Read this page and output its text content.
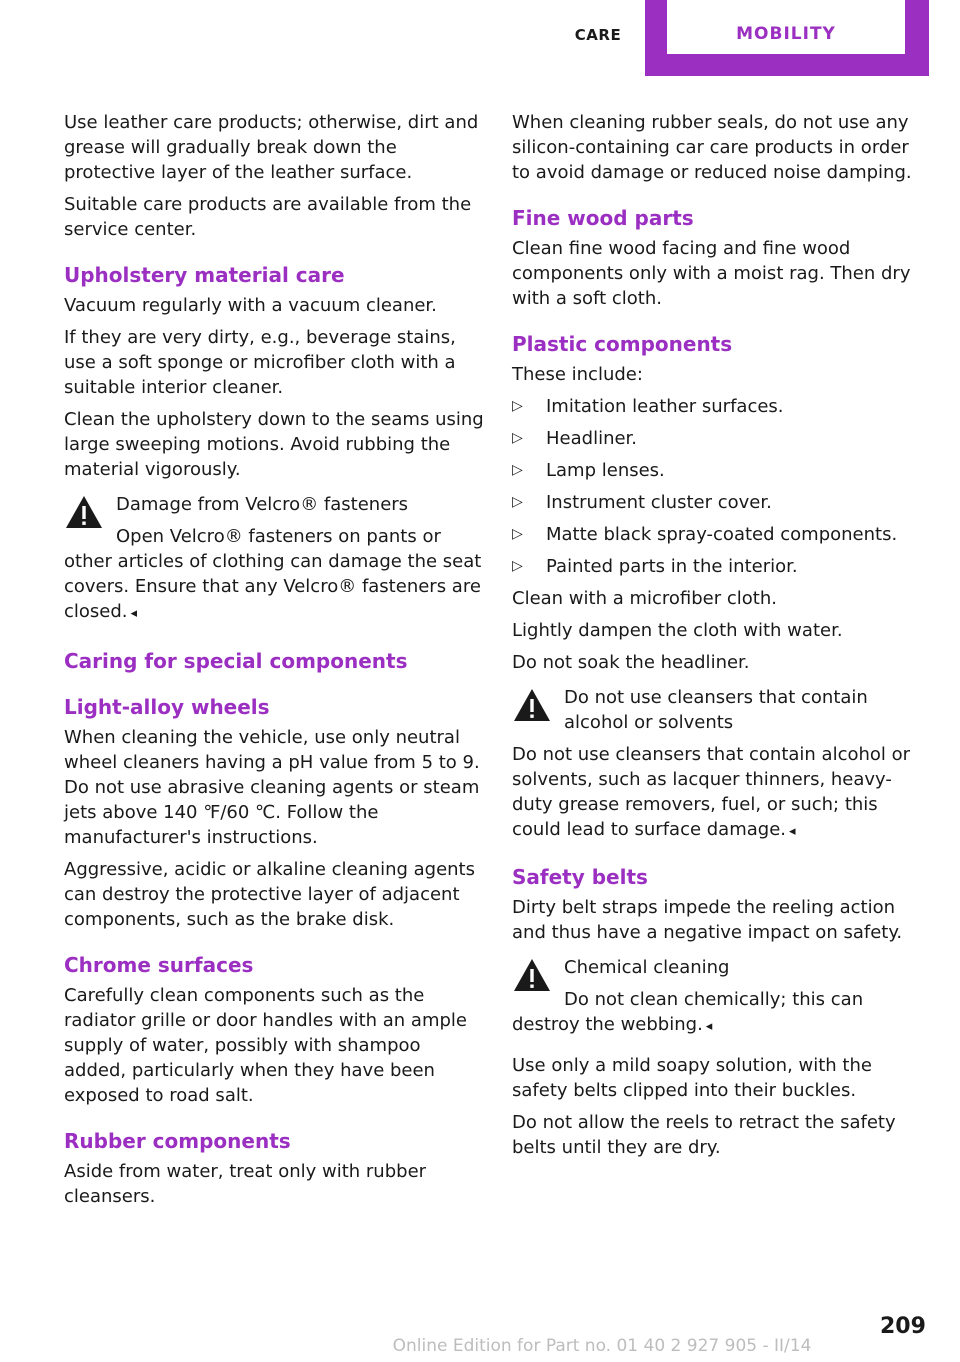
CARE	MOBILITY

Use leather care products; otherwise, dirt and grease will gradually break down the protective layer of the leather surface.

Suitable care products are available from the service center.

Upholstery material care

Vacuum regularly with a vacuum cleaner.

If they are very dirty, e.g., beverage stains, use a soft sponge or microfiber cloth with a suitable interior cleaner.

Clean the upholstery down to the seams using large sweeping motions. Avoid rubbing the material vigorously.

Damage from Velcro® fasteners

Open Velcro® fasteners on pants or other articles of clothing can damage the seat covers. Ensure that any Velcro® fasteners are closed. ◂

Caring for special components
Light-alloy wheels

When cleaning the vehicle, use only neutral wheel cleaners having a pH value from 5 to 9. Do not use abrasive cleaning agents or steam jets above 140 ℉/60 ℃. Follow the manufacturer's instructions.

Aggressive, acidic or alkaline cleaning agents can destroy the protective layer of adjacent components, such as the brake disk.

Chrome surfaces

Carefully clean components such as the radiator grille or door handles with an ample supply of water, possibly with shampoo added, particularly when they have been exposed to road salt.

Rubber components

Aside from water, treat only with rubber cleansers.

When cleaning rubber seals, do not use any silicon-containing car care products in order to avoid damage or reduced noise damping.

Fine wood parts

Clean fine wood facing and fine wood components only with a moist rag. Then dry with a soft cloth.

Plastic components

These include:

▷ Imitation leather surfaces.
▷ Headliner.
▷ Lamp lenses.
▷ Instrument cluster cover.
▷ Matte black spray-coated components.
▷ Painted parts in the interior.

Clean with a microfiber cloth.

Lightly dampen the cloth with water.

Do not soak the headliner.

Do not use cleansers that contain alcohol or solvents

Do not use cleansers that contain alcohol or solvents, such as lacquer thinners, heavy-duty grease removers, fuel, or such; this could lead to surface damage. ◂

Safety belts

Dirty belt straps impede the reeling action and thus have a negative impact on safety.

Chemical cleaning

Do not clean chemically; this can destroy the webbing. ◂

Use only a mild soapy solution, with the safety belts clipped into their buckles.

Do not allow the reels to retract the safety belts until they are dry.

209
Online Edition for Part no. 01 40 2 927 905 - II/14
